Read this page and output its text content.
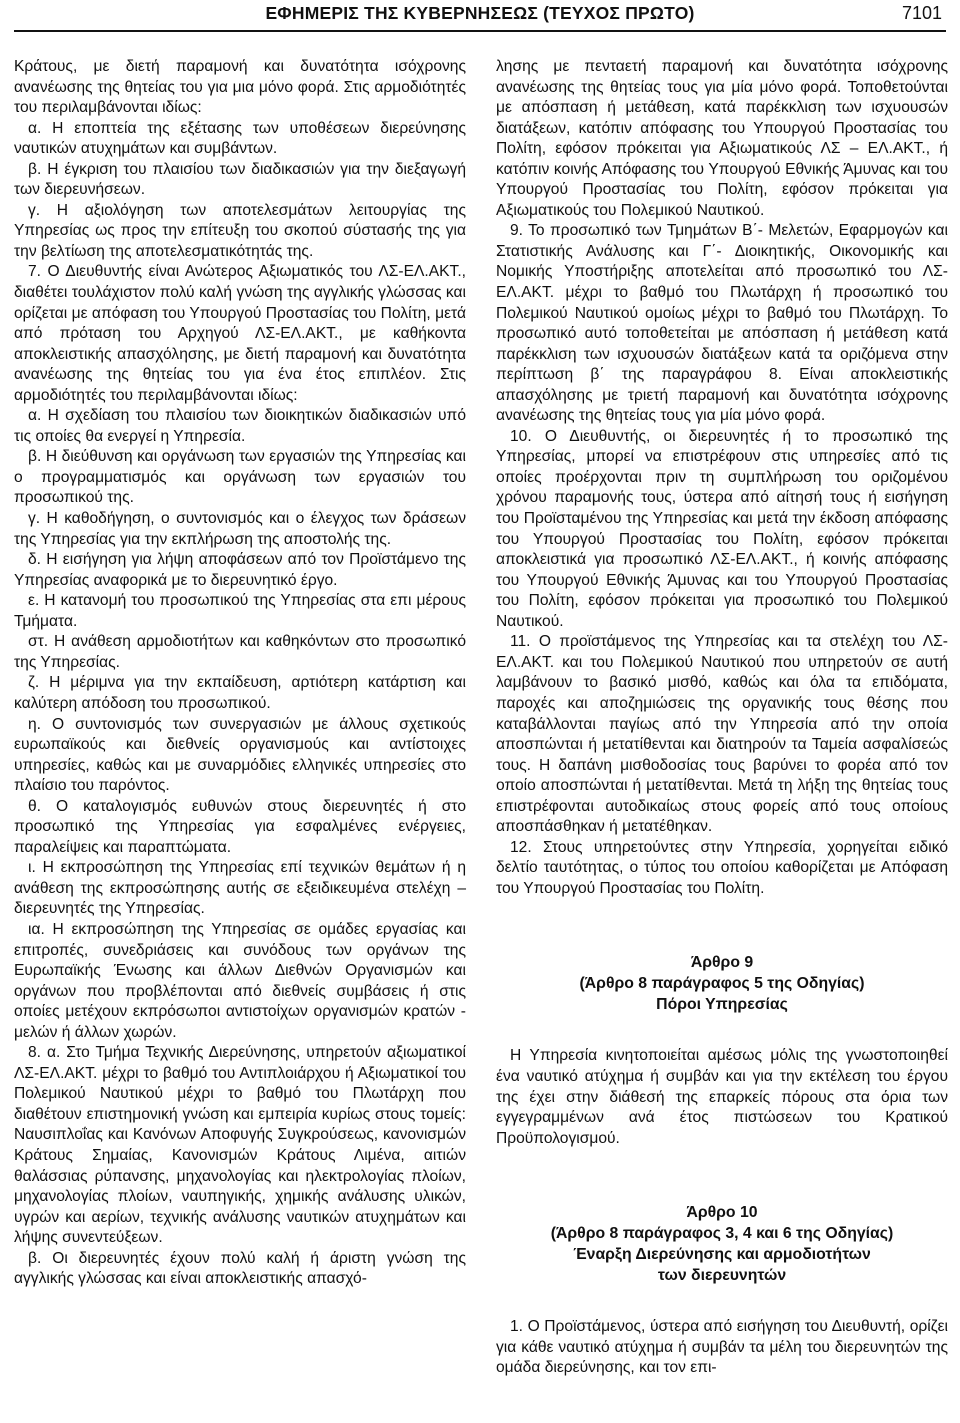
ΕΦΗΜΕΡΙΣ ΤΗΣ ΚΥΒΕΡΝΗΣΕΩΣ (ΤΕΥΧΟΣ ΠΡΩΤΟ)	7101

Κράτους, με διετή παραμονή και δυνατότητα ισόχρονης ανανέωσης της θητείας του για μια μόνο φορά. Στις αρμοδιότητές του περιλαμβάνονται ιδίως:

α. Η εποπτεία της εξέτασης των υποθέσεων διερεύνησης ναυτικών ατυχημάτων και συμβάντων.

β. Η έγκριση του πλαισίου των διαδικασιών για την διεξαγωγή των διερευνήσεων.

γ. Η αξιολόγηση των αποτελεσμάτων λειτουργίας της Υπηρεσίας ως προς την επίτευξη του σκοπού σύστασής της για την βελτίωση της αποτελεσματικότητάς της.

7. Ο Διευθυντής είναι Ανώτερος Αξιωματικός του ΛΣ-ΕΛ.ΑΚΤ., διαθέτει τουλάχιστον πολύ καλή γνώση της αγγλικής γλώσσας και ορίζεται με απόφαση του Υπουργού Προστασίας του Πολίτη, μετά από πρόταση του Αρχηγού ΛΣ-ΕΛ.ΑΚΤ., με καθήκοντα αποκλειστικής απασχόλησης, με διετή παραμονή και δυνατότητα ανανέωσης της θητείας του για ένα έτος επιπλέον. Στις αρμοδιότητές του περιλαμβάνονται ιδίως:

α. Η σχεδίαση του πλαισίου των διοικητικών διαδικασιών υπό τις οποίες θα ενεργεί η Υπηρεσία.

β. Η διεύθυνση και οργάνωση των εργασιών της Υπηρεσίας και ο προγραμματισμός και οργάνωση των εργασιών του προσωπικού της.

γ. Η καθοδήγηση, ο συντονισμός και ο έλεγχος των δράσεων της Υπηρεσίας για την εκπλήρωση της αποστολής της.

δ. Η εισήγηση για λήψη αποφάσεων από τον Προϊστάμενο της Υπηρεσίας αναφορικά με το διερευνητικό έργο.

ε. Η κατανομή του προσωπικού της Υπηρεσίας στα επι μέρους Τμήματα.

στ. Η ανάθεση αρμοδιοτήτων και καθηκόντων στο προσωπικό της Υπηρεσίας.

ζ. Η μέριμνα για την εκπαίδευση, αρτιότερη κατάρτιση και καλύτερη απόδοση του προσωπικού.

η. Ο συντονισμός των συνεργασιών με άλλους σχετικούς ευρωπαϊκούς και διεθνείς οργανισμούς και αντίστοιχες υπηρεσίες, καθώς και με συναρμόδιες ελληνικές υπηρεσίες στο πλαίσιο του παρόντος.

θ. Ο καταλογισμός ευθυνών στους διερευνητές ή στο προσωπικό της Υπηρεσίας για εσφαλμένες ενέργειες, παραλείψεις και παραπτώματα.

ι. Η εκπροσώπηση της Υπηρεσίας επί τεχνικών θεμάτων ή η ανάθεση της εκπροσώπησης αυτής σε εξειδικευμένα στελέχη – διερευνητές της Υπηρεσίας.

ια. Η εκπροσώπηση της Υπηρεσίας σε ομάδες εργασίας και επιτροπές, συνεδριάσεις και συνόδους των οργάνων της Ευρωπαϊκής Ένωσης και άλλων Διεθνών Οργανισμών και οργάνων που προβλέπονται από διεθνείς συμβάσεις ή στις οποίες μετέχουν εκπρόσωποι αντιστοίχων οργανισμών κρατών - μελών ή άλλων χωρών.

8. α. Στο Τμήμα Τεχνικής Διερεύνησης, υπηρετούν αξιωματικοί ΛΣ-ΕΛ.ΑΚΤ. μέχρι το βαθμό του Αντιπλοιάρχου ή Αξιωματικοί του Πολεμικού Ναυτικού μέχρι το βαθμό του Πλωτάρχη που διαθέτουν επιστημονική γνώση και εμπειρία κυρίως στους τομείς: Ναυσιπλοΐας και Κανόνων Αποφυγής Συγκρούσεως, κανονισμών Κράτους Σημαίας, Κανονισμών Κράτους Λιμένα, αιτιών θαλάσσιας ρύπανσης, μηχανολογίας και ηλεκτρολογίας πλοίων, μηχανολογίας πλοίων, ναυπηγικής, χημικής ανάλυσης υλικών, υγρών και αερίων, τεχνικής ανάλυσης ναυτικών ατυχημάτων και λήψης συνεντεύξεων.

β. Οι διερευνητές έχουν πολύ καλή ή άριστη γνώση της αγγλικής γλώσσας και είναι αποκλειστικής απασχό-

λησης με πενταετή παραμονή και δυνατότητα ισόχρονης ανανέωσης της θητείας τους για μία μόνο φορά. Τοποθετούνται με απόσπαση ή μετάθεση, κατά παρέκκλιση των ισχυουσών διατάξεων, κατόπιν απόφασης του Υπουργού Προστασίας του Πολίτη, εφόσον πρόκειται για Αξιωματικούς ΛΣ – ΕΛ.ΑΚΤ., ή κατόπιν κοινής Απόφασης του Υπουργού Εθνικής Άμυνας και του Υπουργού Προστασίας του Πολίτη, εφόσον πρόκειται για Αξιωματικούς του Πολεμικού Ναυτικού.

9. Το προσωπικό των Τμημάτων Β΄- Μελετών, Εφαρμογών και Στατιστικής Ανάλυσης και Γ΄- Διοικητικής, Οικονομικής και Νομικής Υποστήριξης αποτελείται από προσωπικό του ΛΣ-ΕΛ.ΑΚΤ. μέχρι το βαθμό του Πλωτάρχη ή προσωπικό του Πολεμικού Ναυτικού ομοίως μέχρι το βαθμό του Πλωτάρχη. Το προσωπικό αυτό τοποθετείται με απόσπαση ή μετάθεση κατά παρέκκλιση των ισχυουσών διατάξεων κατά τα οριζόμενα στην περίπτωση β΄ της παραγράφου 8. Είναι αποκλειστικής απασχόλησης με τριετή παραμονή και δυνατότητα ισόχρονης ανανέωσης της θητείας τους για μία μόνο φορά.

10. Ο Διευθυντής, οι διερευνητές ή το προσωπικό της Υπηρεσίας, μπορεί να επιστρέφουν στις υπηρεσίες από τις οποίες προέρχονται πριν τη συμπλήρωση του οριζομένου χρόνου παραμονής τους, ύστερα από αίτησή τους ή εισήγηση του Προϊσταμένου της Υπηρεσίας και μετά την έκδοση απόφασης του Υπουργού Προστασίας του Πολίτη, εφόσον πρόκειται αποκλειστικά για προσωπικό ΛΣ-ΕΛ.ΑΚΤ., ή κοινής απόφασης του Υπουργού Εθνικής Άμυνας και του Υπουργού Προστασίας του Πολίτη, εφόσον πρόκειται για προσωπικό του Πολεμικού Ναυτικού.

11. Ο προϊστάμενος της Υπηρεσίας και τα στελέχη του ΛΣ-ΕΛ.ΑΚΤ. και του Πολεμικού Ναυτικού που υπηρετούν σε αυτή λαμβάνουν το βασικό μισθό, καθώς και όλα τα επιδόματα, παροχές και αποζημιώσεις της οργανικής τους θέσης που καταβάλλονται παγίως από την Υπηρεσία από την οποία αποσπώνται ή μετατίθενται και διατηρούν τα Ταμεία ασφαλίσεώς τους. Η δαπάνη μισθοδοσίας τους βαρύνει το φορέα από τον οποίο αποσπώνται ή μετατίθενται. Μετά τη λήξη της θητείας τους επιστρέφονται αυτοδικαίως στους φορείς από τους οποίους αποσπάσθηκαν ή μετατέθηκαν.

12. Στους υπηρετούντες στην Υπηρεσία, χορηγείται ειδικό δελτίο ταυτότητας, ο τύπος του οποίου καθορίζεται με Απόφαση του Υπουργού Προστασίας του Πολίτη.

Άρθρο 9
(Άρθρο 8 παράγραφος 5 της Οδηγίας)
Πόροι Υπηρεσίας

Η Υπηρεσία κινητοποιείται αμέσως μόλις της γνωστοποιηθεί ένα ναυτικό ατύχημα ή συμβάν και για την εκτέλεση του έργου της έχει στην διάθεσή της επαρκείς πόρους στα όρια των εγγεγραμμένων ανά έτος πιστώσεων του Κρατικού Προϋπολογισμού.

Άρθρο 10
(Άρθρο 8 παράγραφος 3, 4 και 6 της Οδηγίας)
Έναρξη Διερεύνησης και αρμοδιοτήτων
των διερευνητών

1. Ο Προϊστάμενος, ύστερα από εισήγηση του Διευθυντή, ορίζει για κάθε ναυτικό ατύχημα ή συμβάν τα μέλη του διερευνητών της ομάδα διερεύνησης, και τον επι-
